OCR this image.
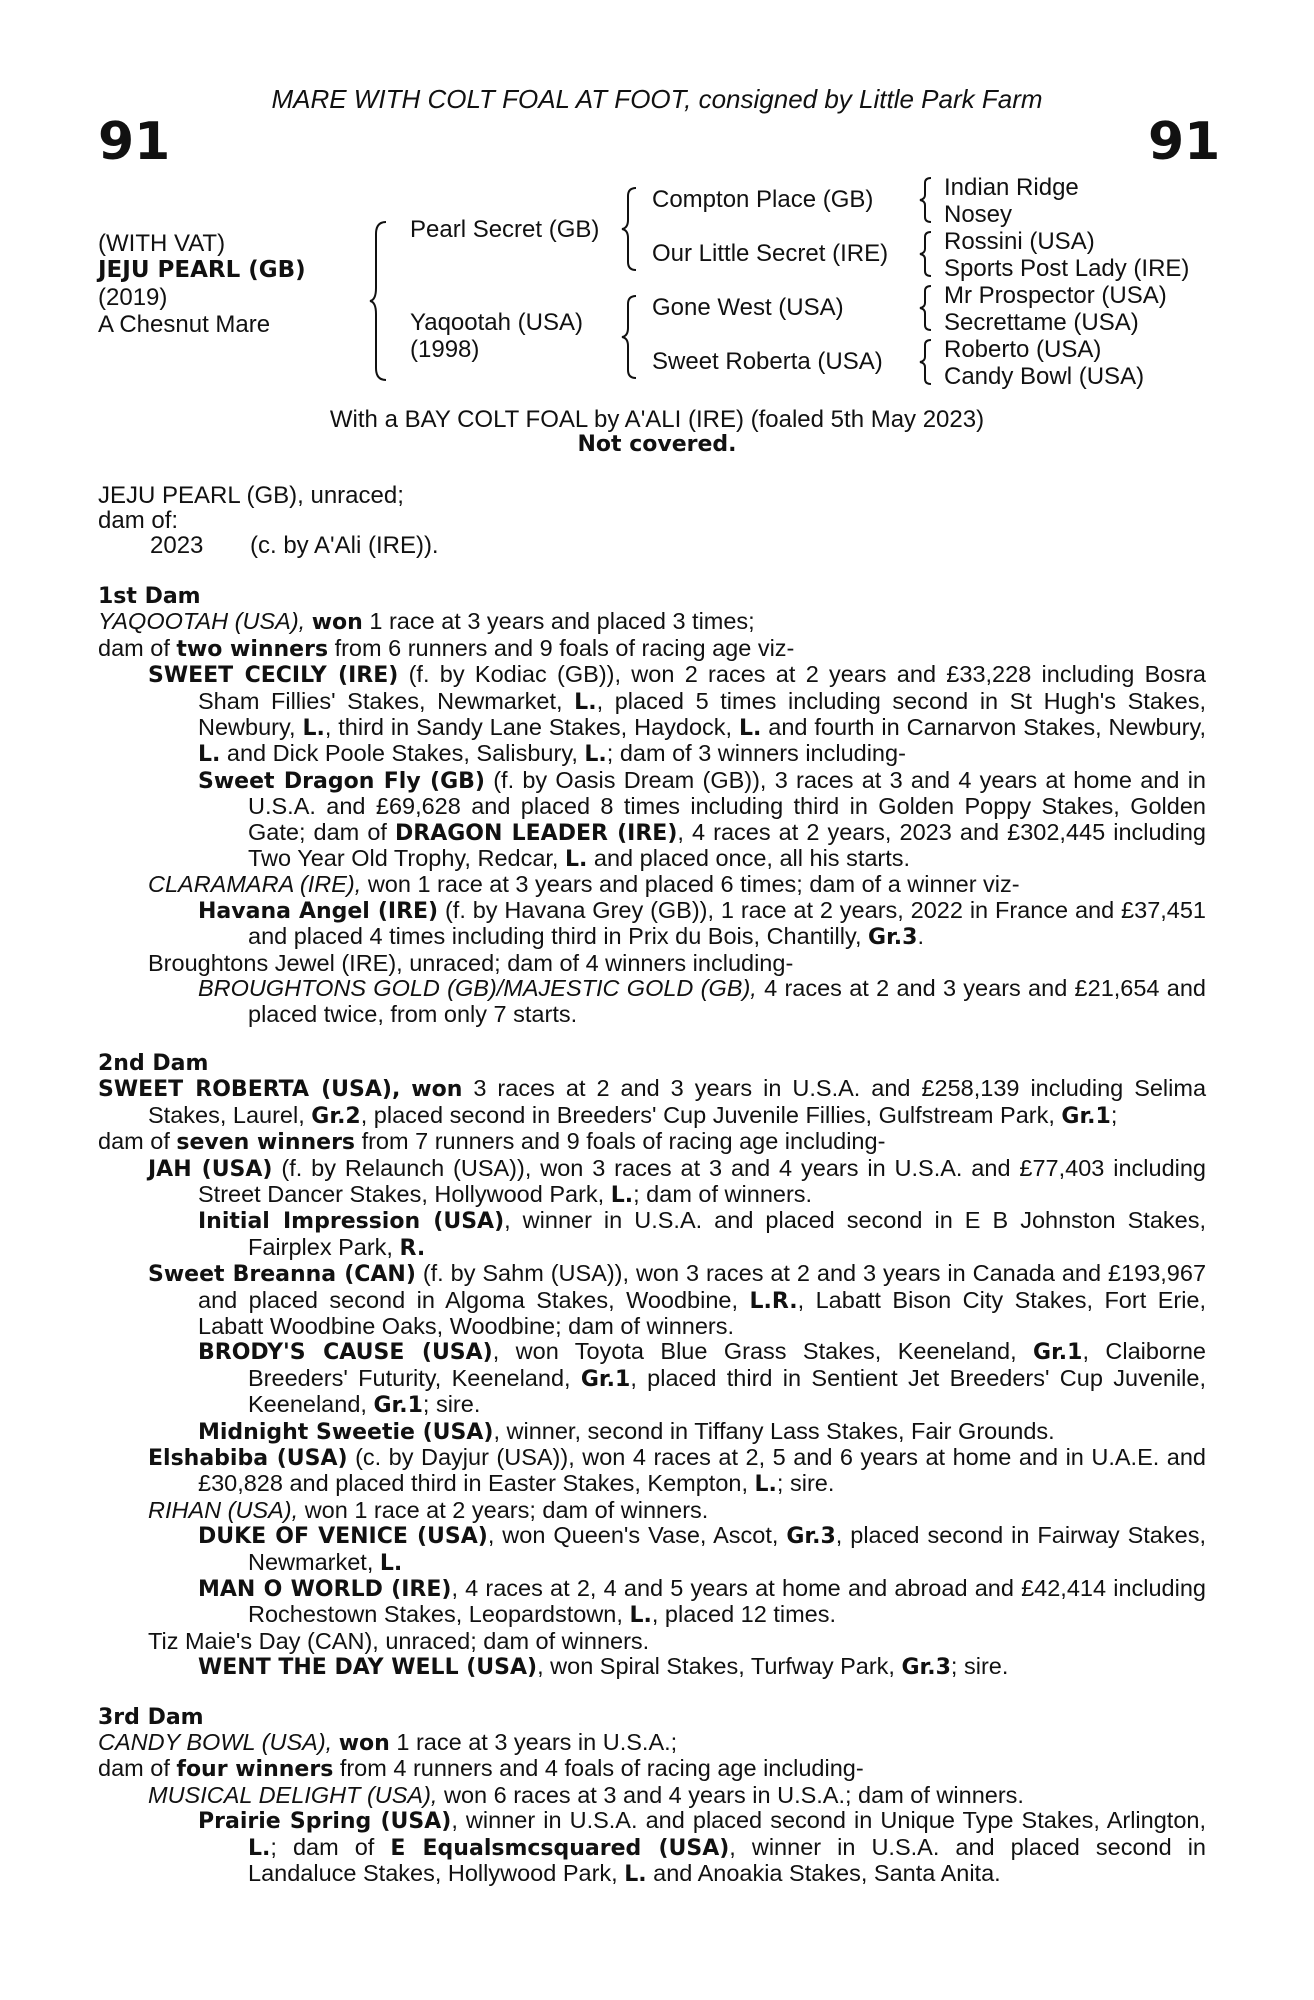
MARE WITH COLT FOAL AT FOOT, consigned by Little Park Farm
91	91
(WITH VAT)
JEJU PEARL (GB)
(2019)
A Chesnut Mare
Pearl Secret (GB)
Yaqootah (USA)
(1998)
Compton Place (GB)
Our Little Secret (IRE)
Gone West (USA)
Sweet Roberta (USA)
Indian Ridge
Nosey
Rossini (USA)
Sports Post Lady (IRE)
Mr Prospector (USA)
Secrettame (USA)
Roberto (USA)
Candy Bowl (USA)
With a BAY COLT FOAL by A'ALI (IRE) (foaled 5th May 2023)
Not covered.
JEJU PEARL (GB), unraced;
dam of:
2023 (c. by A'Ali (IRE)).
1st Dam
YAQOOTAH (USA), won 1 race at 3 years and placed 3 times;
dam of two winners from 6 runners and 9 foals of racing age viz-
SWEET CECILY (IRE) (f. by Kodiac (GB)), won 2 races at 2 years and £33,228 including Bosra Sham Fillies' Stakes, Newmarket, L., placed 5 times including second in St Hugh's Stakes, Newbury, L., third in Sandy Lane Stakes, Haydock, L. and fourth in Carnarvon Stakes, Newbury, L. and Dick Poole Stakes, Salisbury, L.; dam of 3 winners including-
Sweet Dragon Fly (GB) (f. by Oasis Dream (GB)), 3 races at 3 and 4 years at home and in U.S.A. and £69,628 and placed 8 times including third in Golden Poppy Stakes, Golden Gate; dam of DRAGON LEADER (IRE), 4 races at 2 years, 2023 and £302,445 including Two Year Old Trophy, Redcar, L. and placed once, all his starts.
CLARAMARA (IRE), won 1 race at 3 years and placed 6 times; dam of a winner viz-
Havana Angel (IRE) (f. by Havana Grey (GB)), 1 race at 2 years, 2022 in France and £37,451 and placed 4 times including third in Prix du Bois, Chantilly, Gr.3.
Broughtons Jewel (IRE), unraced; dam of 4 winners including-
BROUGHTONS GOLD (GB)/MAJESTIC GOLD (GB), 4 races at 2 and 3 years and £21,654 and placed twice, from only 7 starts.
2nd Dam
SWEET ROBERTA (USA), won 3 races at 2 and 3 years in U.S.A. and £258,139 including Selima Stakes, Laurel, Gr.2, placed second in Breeders' Cup Juvenile Fillies, Gulfstream Park, Gr.1;
dam of seven winners from 7 runners and 9 foals of racing age including-
JAH (USA) (f. by Relaunch (USA)), won 3 races at 3 and 4 years in U.S.A. and £77,403 including Street Dancer Stakes, Hollywood Park, L.; dam of winners.
Initial Impression (USA), winner in U.S.A. and placed second in E B Johnston Stakes, Fairplex Park, R.
Sweet Breanna (CAN) (f. by Sahm (USA)), won 3 races at 2 and 3 years in Canada and £193,967 and placed second in Algoma Stakes, Woodbine, L.R., Labatt Bison City Stakes, Fort Erie, Labatt Woodbine Oaks, Woodbine; dam of winners.
BRODY'S CAUSE (USA), won Toyota Blue Grass Stakes, Keeneland, Gr.1, Claiborne Breeders' Futurity, Keeneland, Gr.1, placed third in Sentient Jet Breeders' Cup Juvenile, Keeneland, Gr.1; sire.
Midnight Sweetie (USA), winner, second in Tiffany Lass Stakes, Fair Grounds.
Elshabiba (USA) (c. by Dayjur (USA)), won 4 races at 2, 5 and 6 years at home and in U.A.E. and £30,828 and placed third in Easter Stakes, Kempton, L.; sire.
RIHAN (USA), won 1 race at 2 years; dam of winners.
DUKE OF VENICE (USA), won Queen's Vase, Ascot, Gr.3, placed second in Fairway Stakes, Newmarket, L.
MAN O WORLD (IRE), 4 races at 2, 4 and 5 years at home and abroad and £42,414 including Rochestown Stakes, Leopardstown, L., placed 12 times.
Tiz Maie's Day (CAN), unraced; dam of winners.
WENT THE DAY WELL (USA), won Spiral Stakes, Turfway Park, Gr.3; sire.
3rd Dam
CANDY BOWL (USA), won 1 race at 3 years in U.S.A.;
dam of four winners from 4 runners and 4 foals of racing age including-
MUSICAL DELIGHT (USA), won 6 races at 3 and 4 years in U.S.A.; dam of winners.
Prairie Spring (USA), winner in U.S.A. and placed second in Unique Type Stakes, Arlington, L.; dam of E Equalsmcsquared (USA), winner in U.S.A. and placed second in Landaluce Stakes, Hollywood Park, L. and Anoakia Stakes, Santa Anita.
